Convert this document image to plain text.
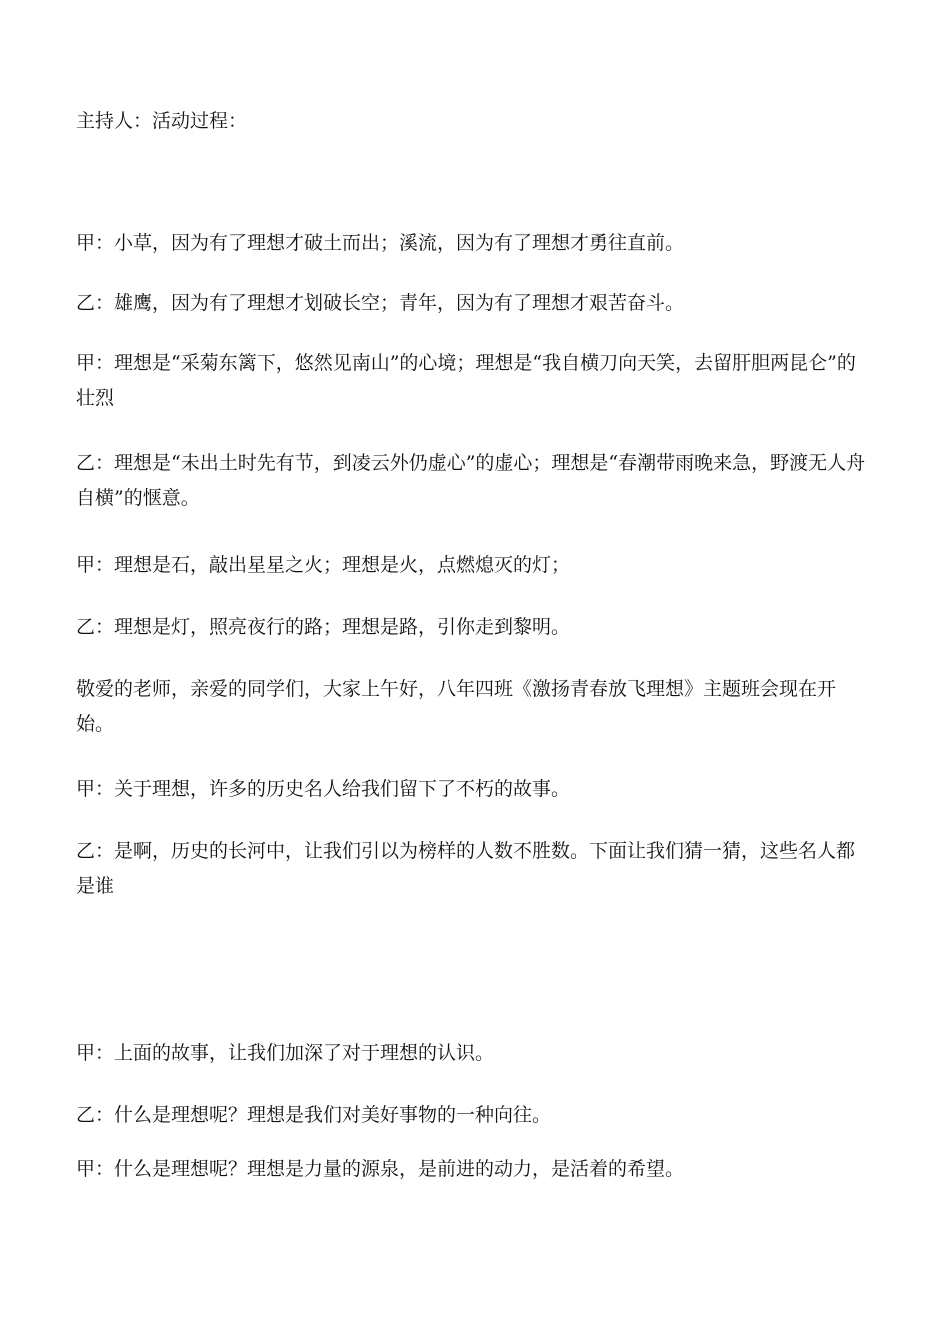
主持人：活动过程：

甲：小草，因为有了理想才破土而出；溪流，因为有了理想才勇往直前。

乙：雄鹰，因为有了理想才划破长空；青年，因为有了理想才艰苦奋斗。

甲：理想是“采菊东篱下，悠然见南山”的心境；理想是“我自横刀向天笑，去留肝胆两昆仑”的壮烈

乙：理想是“未出土时先有节，到凌云外仍虚心”的虚心；理想是“春潮带雨晚来急，野渡无人舟自横”的惬意。

甲：理想是石，敲出星星之火；理想是火，点燃熄灭的灯；

乙：理想是灯，照亮夜行的路；理想是路，引你走到黎明。

敬爱的老师，亲爱的同学们，大家上午好，八年四班《激扬青春放飞理想》主题班会现在开始。

甲：关于理想，许多的历史名人给我们留下了不朽的故事。

乙：是啊，历史的长河中，让我们引以为榜样的人数不胜数。下面让我们猜一猜，这些名人都是谁

甲：上面的故事，让我们加深了对于理想的认识。

乙：什么是理想呢？理想是我们对美好事物的一种向往。

甲：什么是理想呢？理想是力量的源泉，是前进的动力，是活着的希望。
